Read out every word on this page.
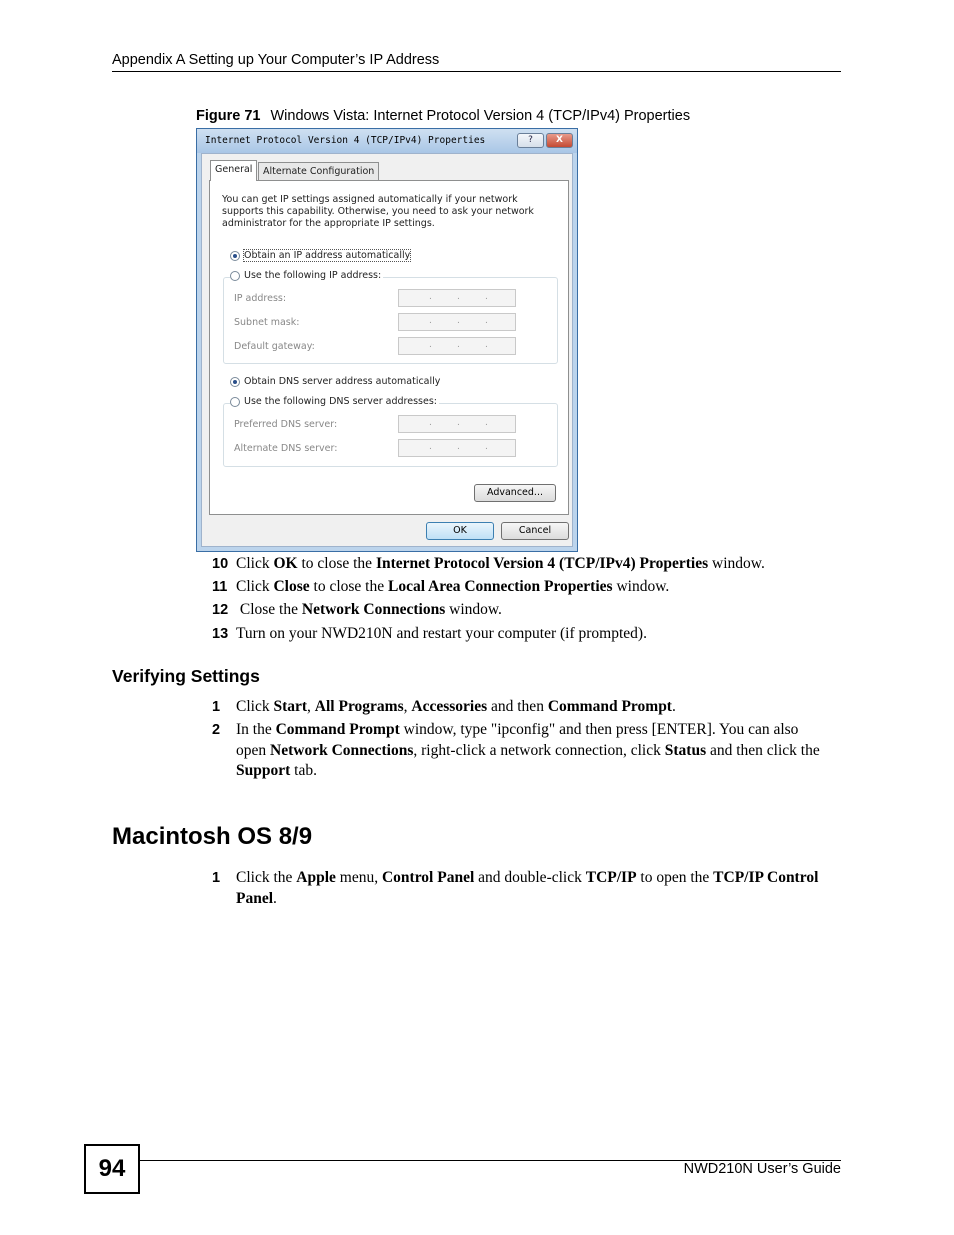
Appendix A Setting up Your Computer’s IP Address
Figure 71 Windows Vista: Internet Protocol Version 4 (TCP/IPv4) Properties
Internet Protocol Version 4 (TCP/IPv4) Properties	?	X
General	Alternate Configuration
You can get IP settings assigned automatically if your network supports this capability. Otherwise, you need to ask your network administrator for the appropriate IP settings.
Obtain an IP address automatically
Use the following IP address:
IP address:	.	.	.
Subnet mask:	.	.	.
Default gateway:	.	.	.
Obtain DNS server address automatically
Use the following DNS server addresses:
Preferred DNS server:	.	.	.
Alternate DNS server:	.	.	.
Advanced...
OK	Cancel
10 Click OK to close the Internet Protocol Version 4 (TCP/IPv4) Properties window.
11 Click Close to close the Local Area Connection Properties window.
12 Close the Network Connections window.
13 Turn on your NWD210N and restart your computer (if prompted).
Verifying Settings
1 Click Start, All Programs, Accessories and then Command Prompt.
2 In the Command Prompt window, type "ipconfig" and then press [ENTER]. You can also open Network Connections, right-click a network connection, click Status and then click the Support tab.
Macintosh OS 8/9
1 Click the Apple menu, Control Panel and double-click TCP/IP to open the TCP/IP Control Panel.
94	NWD210N User’s Guide
